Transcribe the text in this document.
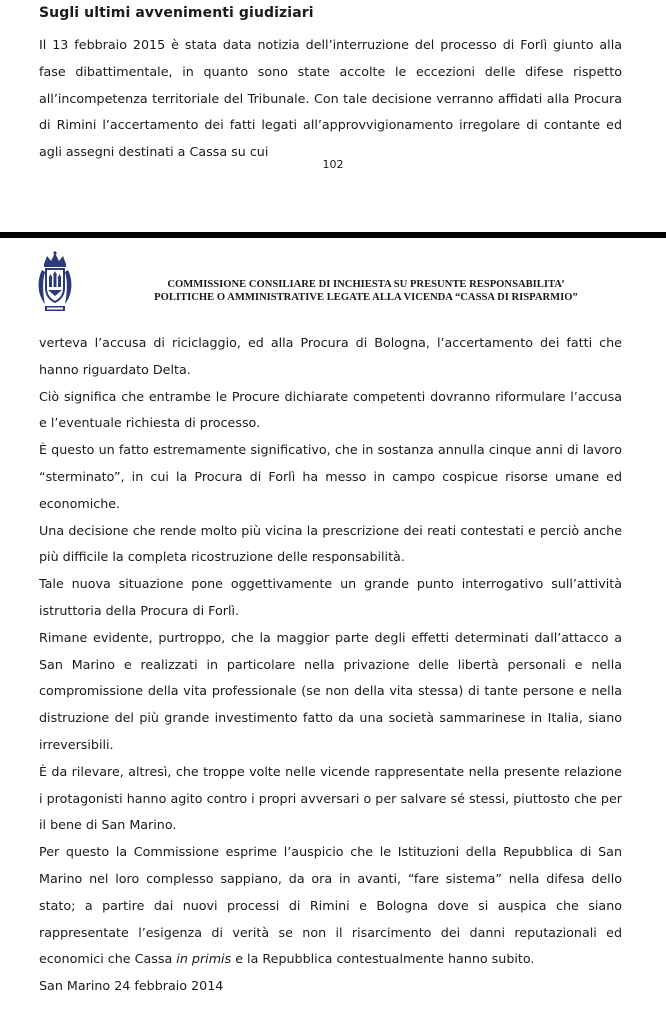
Sugli ultimi avvenimenti giudiziari

Il 13 febbraio 2015 è stata data notizia dell’interruzione del processo di Forlì giunto alla fase dibattimentale, in quanto sono state accolte le eccezioni delle difese rispetto all’incompetenza territoriale del Tribunale. Con tale decisione verranno affidati alla Procura di Rimini l’accertamento dei fatti legati all’approvvigionamento irregolare di contante ed agli assegni destinati a Cassa su cui

102
COMMISSIONE CONSILIARE DI INCHIESTA SU PRESUNTE RESPONSABILITA’
POLITICHE O AMMINISTRATIVE LEGATE ALLA VICENDA “CASSA DI RISPARMIO”

verteva l’accusa di riciclaggio, ed alla Procura di Bologna, l’accertamento dei fatti che hanno riguardato Delta.

Ciò significa che entrambe le Procure dichiarate competenti dovranno riformulare l’accusa e l’eventuale richiesta di processo.

È questo un fatto estremamente significativo, che in sostanza annulla cinque anni di lavoro “sterminato”, in cui la Procura di Forlì ha messo in campo cospicue risorse umane ed economiche.

Una decisione che rende molto più vicina la prescrizione dei reati contestati e perciò anche più difficile la completa ricostruzione delle responsabilità.

Tale nuova situazione pone oggettivamente un grande punto interrogativo sull’attività istruttoria della Procura di Forlì.

Rimane evidente, purtroppo, che la maggior parte degli effetti determinati dall’attacco a San Marino e realizzati in particolare nella privazione delle libertà personali e nella compromissione della vita professionale (se non della vita stessa) di tante persone e nella distruzione del più grande investimento fatto da una società sammarinese in Italia, siano irreversibili.

È da rilevare, altresì, che troppe volte nelle vicende rappresentate nella presente relazione i protagonisti hanno agito contro i propri avversari o per salvare sé stessi, piuttosto che per il bene di San Marino.

Per questo la Commissione esprime l’auspicio che le Istituzioni della Repubblica di San Marino nel loro complesso sappiano, da ora in avanti, “fare sistema” nella difesa dello stato; a partire dai nuovi processi di Rimini e Bologna dove si auspica che siano rappresentate l’esigenza di verità se non il risarcimento dei danni reputazionali ed economici che Cassa in primis e la Repubblica contestualmente hanno subito.

San Marino 24 febbraio 2014
